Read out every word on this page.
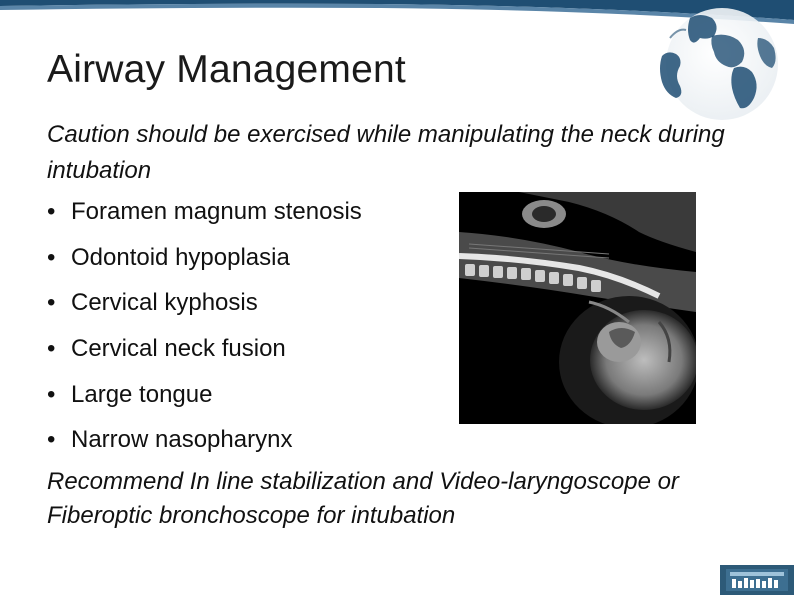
Airway Management
Caution should be exercised while manipulating the neck during intubation
• Foramen magnum stenosis
• Odontoid hypoplasia
• Cervical kyphosis
• Cervical neck fusion
• Large tongue
• Narrow nasopharynx
Recommend In line stabilization and Video-laryngoscope or Fiberoptic bronchoscope for intubation
